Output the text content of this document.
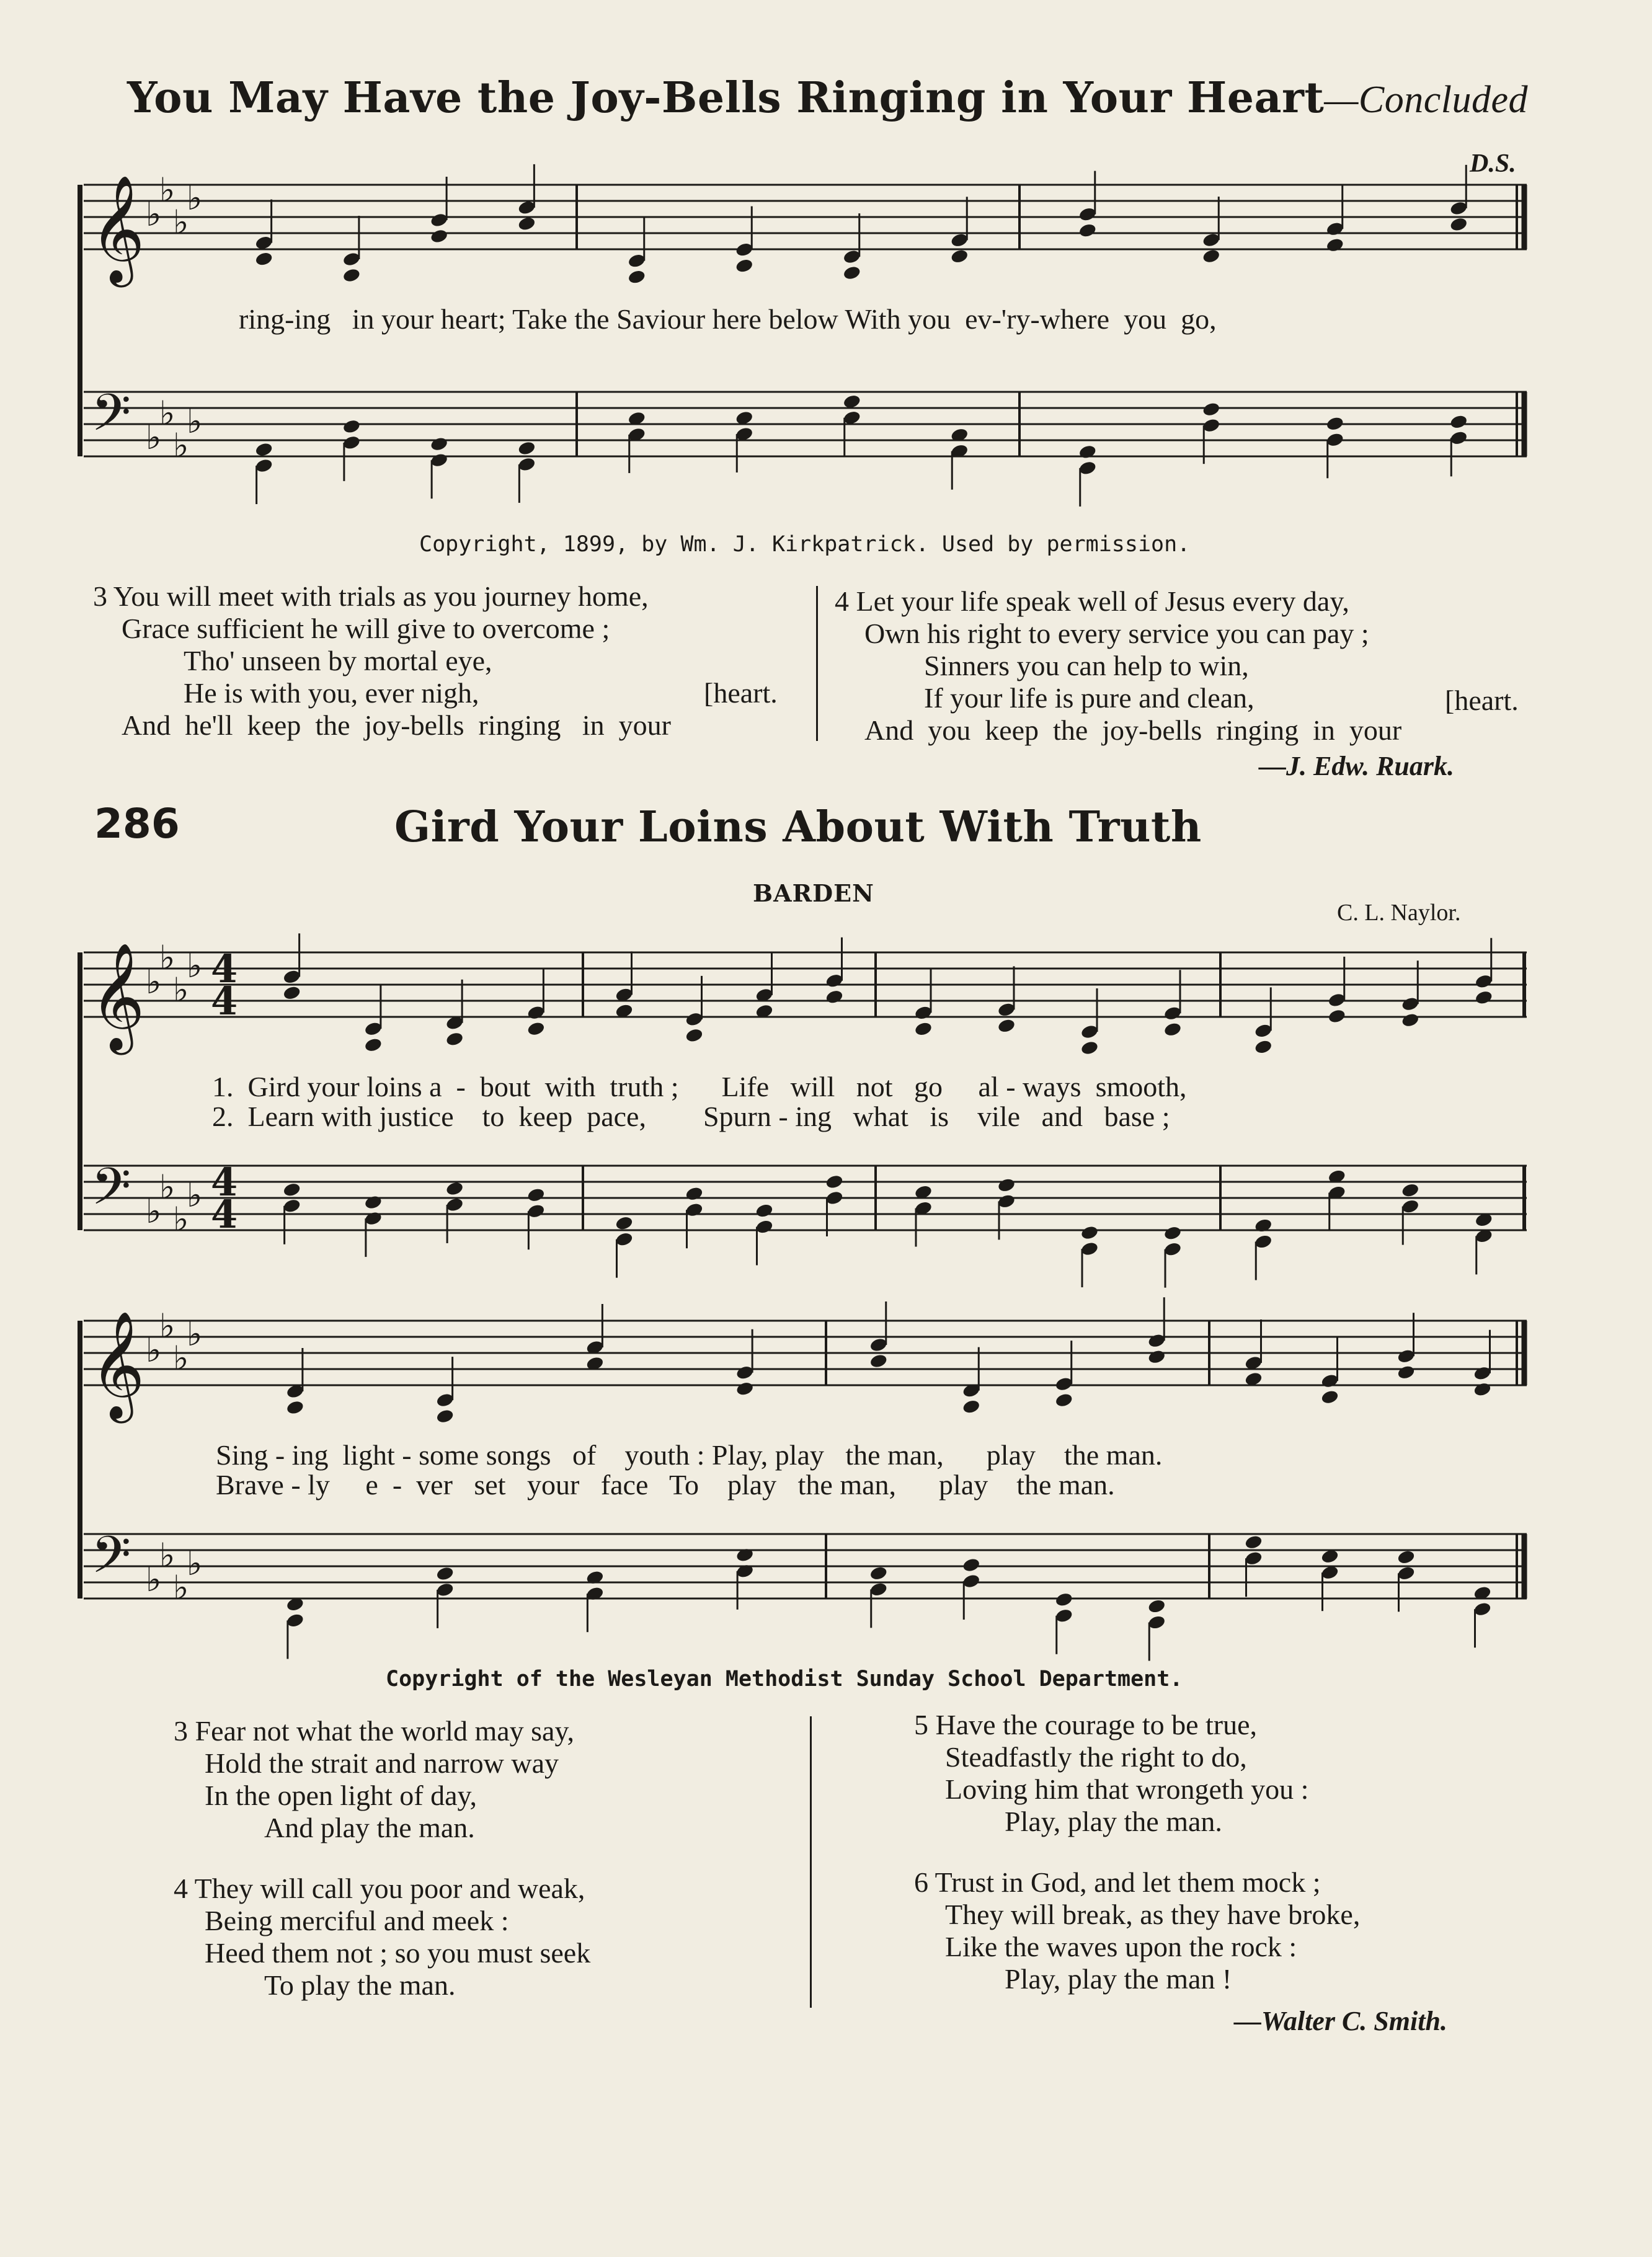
You May Have the Joy-Bells Ringing in Your Heart—Concluded
D.S.
𝄞
𝄢
♭
♭
♭
♭
♭
♭
♭
♭
𝄞
𝄢
♭
♭
♭
♭
♭
♭
♭
♭
4
4
4
4
𝄞
𝄢
♭
♭
♭
♭
♭
♭
♭
♭
ring-ing   in your heart; Take the Saviour here below With you  ev-'ry-where  you  go,
Copyright, 1899, by Wm. J. Kirkpatrick. Used by permission.
3 You will meet with trials as you journey home,
Grace sufficient he will give to overcome ;
Tho' unseen by mortal eye,
He is with you, ever nigh,
And  he'll  keep  the  joy-bells  ringing   in  your
[heart.
4 Let your life speak well of Jesus every day,
Own his right to every service you can pay ;
Sinners you can help to win,
If your life is pure and clean,
And  you  keep  the  joy-bells  ringing  in  your
[heart.
—J. Edw. Ruark.
286	Gird Your Loins About With Truth
BARDEN
C. L. Naylor.
1.  Gird your loins a  -  bout  with  truth ;      Life   will   not   go     al - ways  smooth,
2.  Learn with justice    to  keep  pace,        Spurn - ing   what   is    vile   and   base ;
Sing - ing  light - some songs   of    youth : Play, play   the man,      play    the man.
Brave - ly     e  -  ver   set   your   face   To    play   the man,      play    the man.
Copyright of the Wesleyan Methodist Sunday School Department.
3 Fear not what the world may say,
Hold the strait and narrow way
In the open light of day,
And play the man.
4 They will call you poor and weak,
Being merciful and meek :
Heed them not ; so you must seek
To play the man.
5 Have the courage to be true,
Steadfastly the right to do,
Loving him that wrongeth you :
Play, play the man.
6 Trust in God, and let them mock ;
They will break, as they have broke,
Like the waves upon the rock :
Play, play the man !
—Walter C. Smith.
